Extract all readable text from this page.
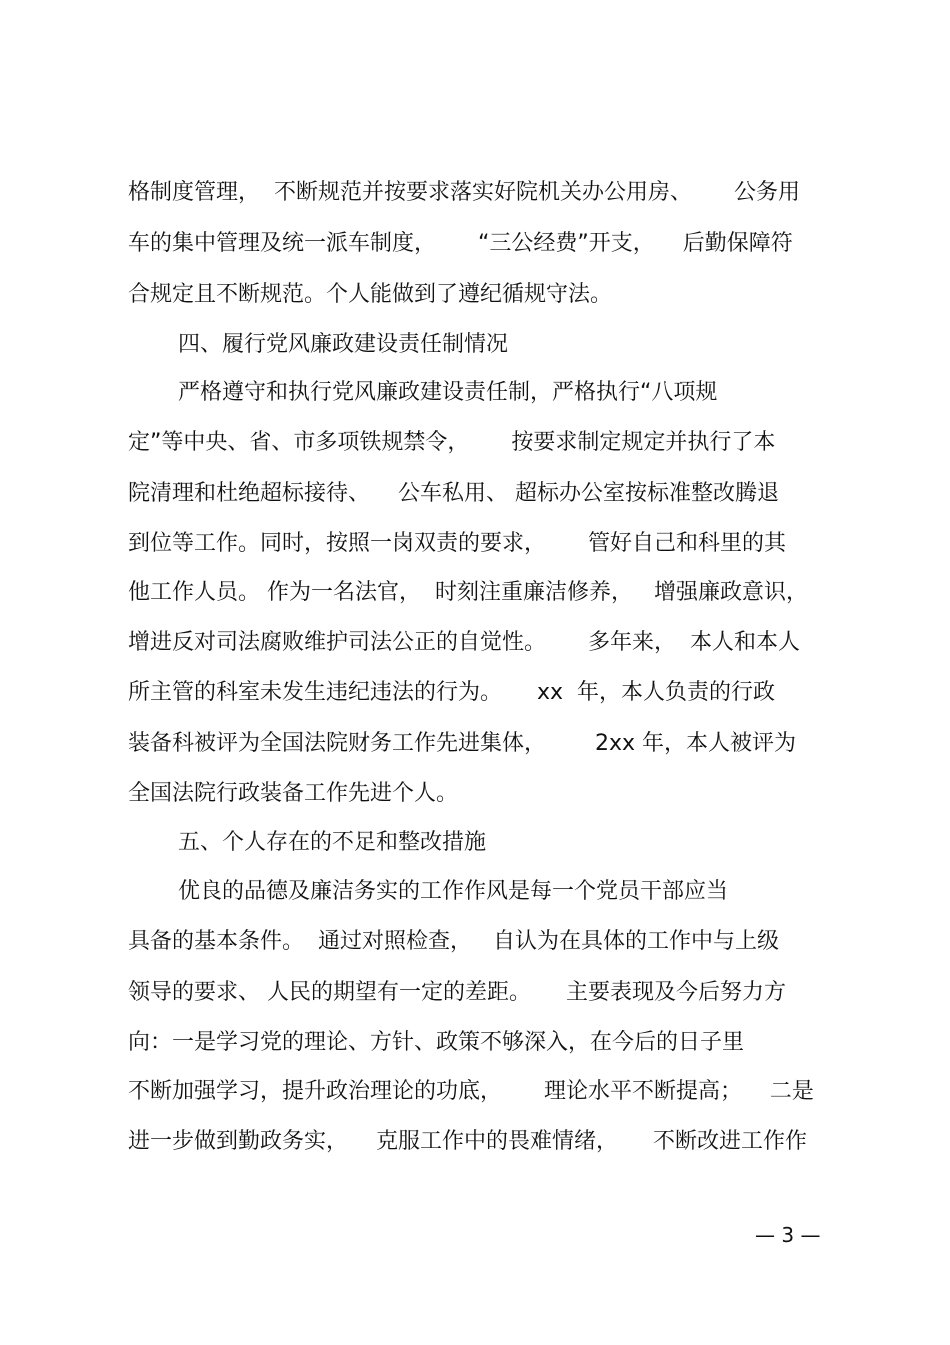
格制度管理，  不断规范并按要求落实好院机关办公用房、      公务用
车的集中管理及统一派车制度，      “三公经费”开支，    后勤保障符
合规定且不断规范。个人能做到了遵纪循规守法。
四、履行党风廉政建设责任制情况
严格遵守和执行党风廉政建设责任制，严格执行“八项规
定”等中央、省、市多项铁规禁令，      按要求制定规定并执行了本
院清理和杜绝超标接待、    公车私用、 超标办公室按标准整改腾退
到位等工作。同时，按照一岗双责的要求，      管好自己和科里的其
他工作人员。 作为一名法官，  时刻注重廉洁修养，   增强廉政意识，
增进反对司法腐败维护司法公正的自觉性。      多年来，  本人和本人
所主管的科室未发生违纪违法的行为。     xx  年，本人负责的行政
装备科被评为全国法院财务工作先进集体，       2xx 年，本人被评为
全国法院行政装备工作先进个人。
五、个人存在的不足和整改措施
优良的品德及廉洁务实的工作作风是每一个党员干部应当
具备的基本条件。  通过对照检查，   自认为在具体的工作中与上级
领导的要求、 人民的期望有一定的差距。     主要表现及今后努力方
向：一是学习党的理论、方针、政策不够深入，在今后的日子里
不断加强学习，提升政治理论的功底，      理论水平不断提高；    二是
进一步做到勤政务实，    克服工作中的畏难情绪，     不断改进工作作
— 3 —
